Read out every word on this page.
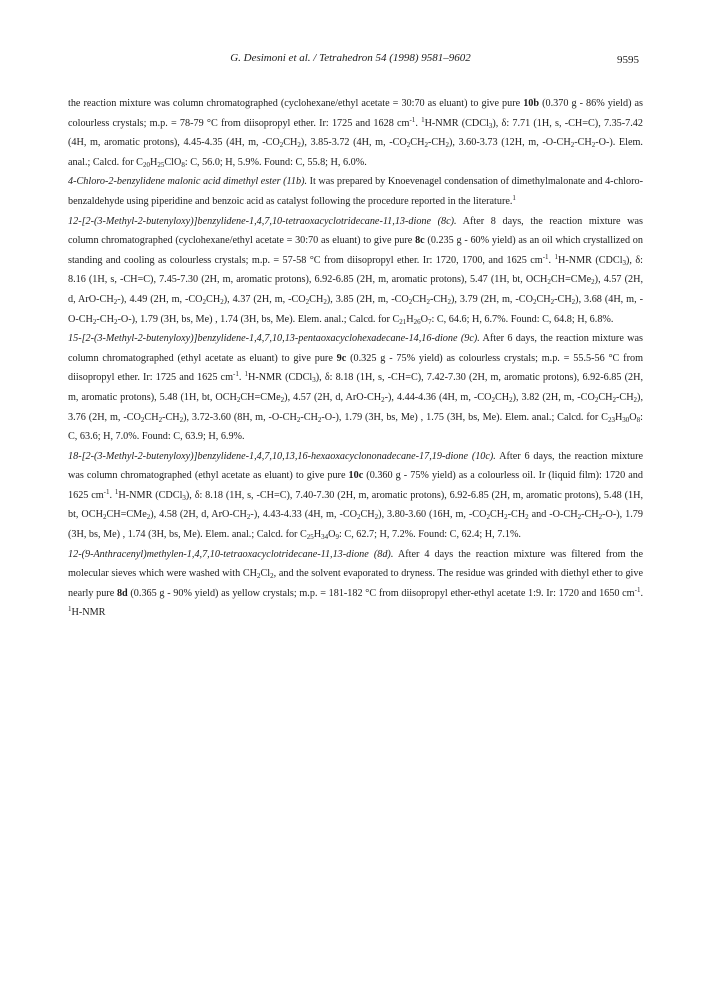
G. Desimoni et al. / Tetrahedron 54 (1998) 9581–9602	9595

the reaction mixture was column chromatographed (cyclohexane/ethyl acetate = 30:70 as eluant) to give pure 10b (0.370 g - 86% yield) as colourless crystals; m.p. = 78-79 °C from diisopropyl ether. Ir: 1725 and 1628 $cm^{-1}$. $^1$H-NMR (CDCl$_3$), δ: 7.71 (1H, s, -CH=C), 7.35-7.42 (4H, m, aromatic protons), 4.45-4.35 (4H, m, $-CO_2CH_2$), 3.85-3.72 (4H, m, $-CO_2CH_2-CH_2$), 3.60-3.73 (12H, m, $-O-CH_2-CH_2-O-$). Elem. anal.; Calcd. for $C_{20}H_{25}ClO_8$: C, 56.0; H, 5.9%. Found: C, 55.8; H, 6.0%.

4-Chloro-2-benzylidene malonic acid dimethyl ester (11b). It was prepared by Knoevenagel condensation of dimethylmalonate and 4-chloro-benzaldehyde using piperidine and benzoic acid as catalyst following the procedure reported in the literature.$^1$

12-[2-(3-Methyl-2-butenyloxy)]benzylidene-1,4,7,10-tetraoxacyclotridecane-11,13-dione (8c). After 8 days, the reaction mixture was column chromatographed (cyclohexane/ethyl acetate = 30:70 as eluant) to give pure 8c (0.235 g - 60% yield) as an oil which crystallized on standing and cooling as colourless crystals; m.p. = 57-58 °C from diisopropyl ether. Ir: 1720, 1700, and 1625 $cm^{-1}$. $^1$H-NMR (CDCl$_3$), δ: 8.16 (1H, s, -CH=C), 7.45-7.30 (2H, m, aromatic protons), 6.92-6.85 (2H, m, aromatic protons), 5.47 (1H, bt, $OCH_2CH=CMe_2$), 4.57 (2H, d, ArO-$CH_2-$), 4.49 (2H, m, $-CO_2CH_2$), 4.37 (2H, m, $-CO_2CH_2$), 3.85 (2H, m, $-CO_2CH_2-CH_2$), 3.79 (2H, m, $-CO_2CH_2-CH_2$), 3.68 (4H, m, $-O-CH_2-CH_2-O-$), 1.79 (3H, bs, Me) , 1.74 (3H, bs, Me). Elem. anal.; Calcd. for $C_{21}H_{26}O_7$: C, 64.6; H, 6.7%. Found: C, 64.8; H, 6.8%.

15-[2-(3-Methyl-2-butenyloxy)]benzylidene-1,4,7,10,13-pentaoxacyclohexadecane-14,16-dione (9c). After 6 days, the reaction mixture was column chromatographed (ethyl acetate as eluant) to give pure 9c (0.325 g - 75% yield) as colourless crystals; m.p. = 55.5-56 °C from diisopropyl ether. Ir: 1725 and 1625 $cm^{-1}$. $^1$H-NMR (CDCl$_3$), δ: 8.18 (1H, s, -CH=C), 7.42-7.30 (2H, m, aromatic protons), 6.92-6.85 (2H, m, aromatic protons), 5.48 (1H, bt, $OCH_2CH=CMe_2$), 4.57 (2H, d, ArO-$CH_2-$), 4.44-4.36 (4H, m, $-CO_2CH_2$), 3.82 (2H, m, $-CO_2CH_2-CH_2$), 3.76 (2H, m, $-CO_2CH_2-CH_2$), 3.72-3.60 (8H, m, $-O-CH_2-CH_2-O-$), 1.79 (3H, bs, Me) , 1.75 (3H, bs, Me). Elem. anal.; Calcd. for $C_{23}H_{30}O_8$: C, 63.6; H, 7.0%. Found: C, 63.9; H, 6.9%.

18-[2-(3-Methyl-2-butenyloxy)]benzylidene-1,4,7,10,13,16-hexaoxacyclononadecane-17,19-dione (10c). After 6 days, the reaction mixture was column chromatographed (ethyl acetate as eluant) to give pure 10c (0.360 g - 75% yield) as a colourless oil. Ir (liquid film): 1720 and 1625 $cm^{-1}$. $^1$H-NMR (CDCl$_3$), δ: 8.18 (1H, s, -CH=C), 7.40-7.30 (2H, m, aromatic protons), 6.92-6.85 (2H, m, aromatic protons), 5.48 (1H, bt, $OCH_2CH=CMe_2$), 4.58 (2H, d, ArO-$CH_2-$), 4.43-4.33 (4H, m, $-CO_2CH_2$), 3.80-3.60 (16H, m, $-CO_2CH_2-CH_2$ and $-O-CH_2-CH_2-O-$), 1.79 (3H, bs, Me) , 1.74 (3H, bs, Me). Elem. anal.; Calcd. for $C_{25}H_{34}O_9$: C, 62.7; H, 7.2%. Found: C, 62.4; H, 7.1%.

12-(9-Anthracenyl)methylen-1,4,7,10-tetraoxacyclotridecane-11,13-dione (8d). After 4 days the reaction mixture was filtered from the molecular sieves which were washed with $CH_2Cl_2$, and the solvent evaporated to dryness. The residue was grinded with diethyl ether to give nearly pure 8d (0.365 g - 90% yield) as yellow crystals; m.p. = 181-182 °C from diisopropyl ether-ethyl acetate 1:9. Ir: 1720 and 1650 $cm^{-1}$. $^1$H-NMR
